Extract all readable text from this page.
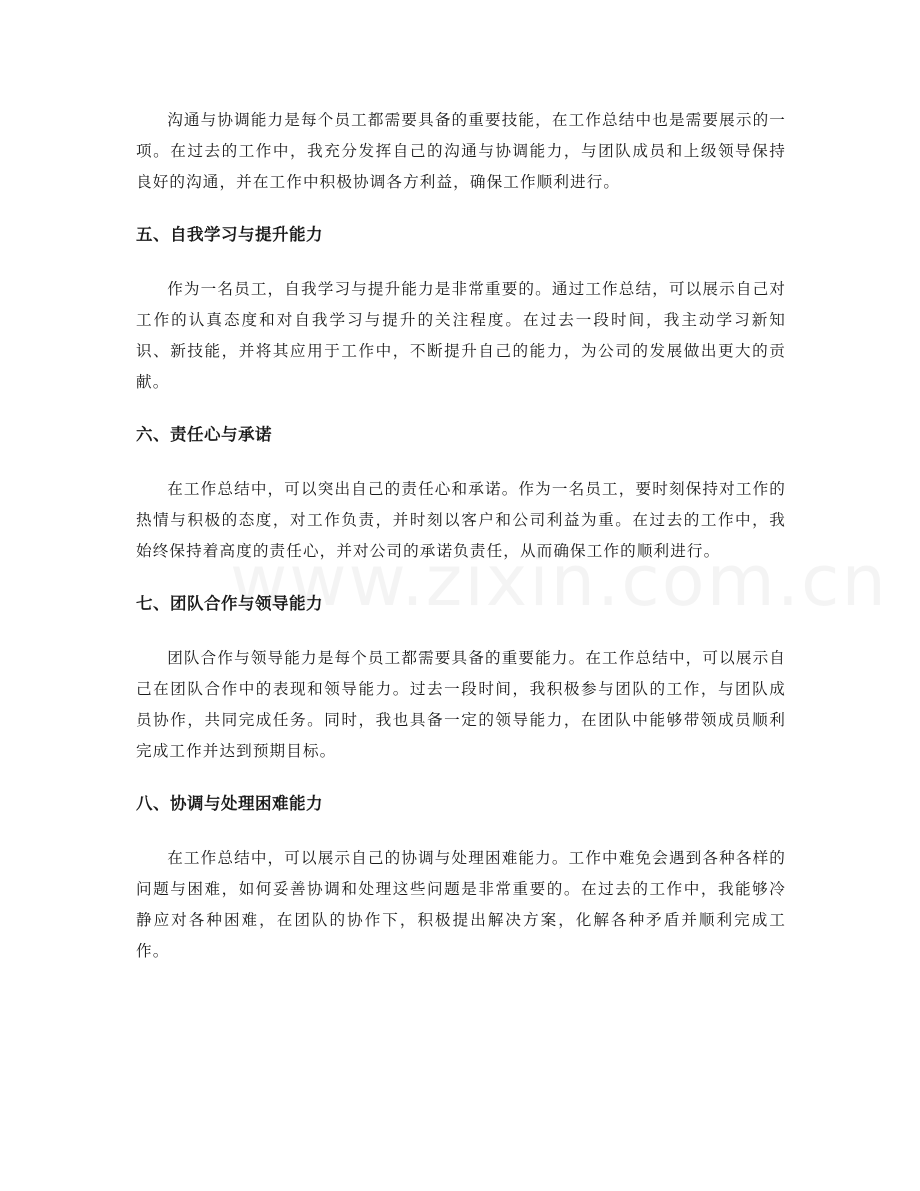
沟通与协调能力是每个员工都需要具备的重要技能，在工作总结中也是需要展示的一项。在过去的工作中，我充分发挥自己的沟通与协调能力，与团队成员和上级领导保持良好的沟通，并在工作中积极协调各方利益，确保工作顺利进行。

五、自我学习与提升能力

作为一名员工，自我学习与提升能力是非常重要的。通过工作总结，可以展示自己对工作的认真态度和对自我学习与提升的关注程度。在过去一段时间，我主动学习新知识、新技能，并将其应用于工作中，不断提升自己的能力，为公司的发展做出更大的贡献。

六、责任心与承诺

在工作总结中，可以突出自己的责任心和承诺。作为一名员工，要时刻保持对工作的热情与积极的态度，对工作负责，并时刻以客户和公司利益为重。在过去的工作中，我始终保持着高度的责任心，并对公司的承诺负责任，从而确保工作的顺利进行。

七、团队合作与领导能力

团队合作与领导能力是每个员工都需要具备的重要能力。在工作总结中，可以展示自己在团队合作中的表现和领导能力。过去一段时间，我积极参与团队的工作，与团队成员协作，共同完成任务。同时，我也具备一定的领导能力，在团队中能够带领成员顺利完成工作并达到预期目标。

八、协调与处理困难能力

在工作总结中，可以展示自己的协调与处理困难能力。工作中难免会遇到各种各样的问题与困难，如何妥善协调和处理这些问题是非常重要的。在过去的工作中，我能够冷静应对各种困难，在团队的协作下，积极提出解决方案，化解各种矛盾并顺利完成工作。
